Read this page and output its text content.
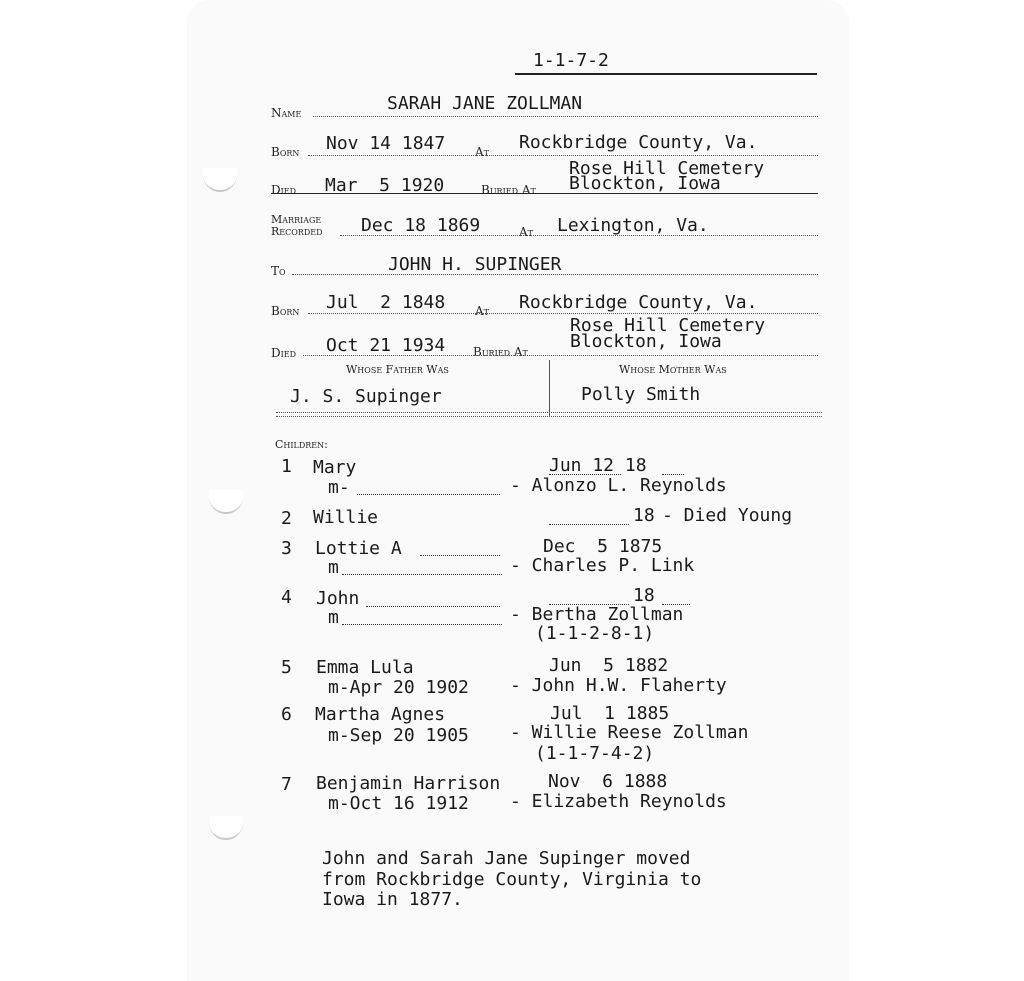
1-1-7-2
Name	SARAH JANE ZOLLMAN
Born Nov 14 1847 At Rockbridge County, Va.
Died Mar  5 1920	Buried At
Rose Hill Cemetery
Blockton, Iowa
Marriage
Recorded Dec 18 1869	At Lexington, Va.
To	JOHN H. SUPINGER
Born Jul  2 1848 At Rockbridge County, Va.
Died Oct 21 1934 Buried At
Rose Hill Cemetery
Blockton, Iowa
Whose Father Was	Whose Mother Was
J. S. Supinger	Polly Smith
Children:
1 Mary	Jun 12 18
m-	- Alonzo L. Reynolds
2 Willie	18 - Died Young
3 Lottie A	Dec  5 1875
m	- Charles P. Link
4 John	18
m	- Bertha Zollman
(1-1-2-8-1)
5 Emma Lula	Jun  5 1882
m-Apr 20 1902 - John H.W. Flaherty
6 Martha Agnes	Jul  1 1885
m-Sep 20 1905 - Willie Reese Zollman
(1-1-7-4-2)
7 Benjamin Harrison	Nov  6 1888
m-Oct 16 1912 - Elizabeth Reynolds
John and Sarah Jane Supinger moved
from Rockbridge County, Virginia to
Iowa in 1877.
